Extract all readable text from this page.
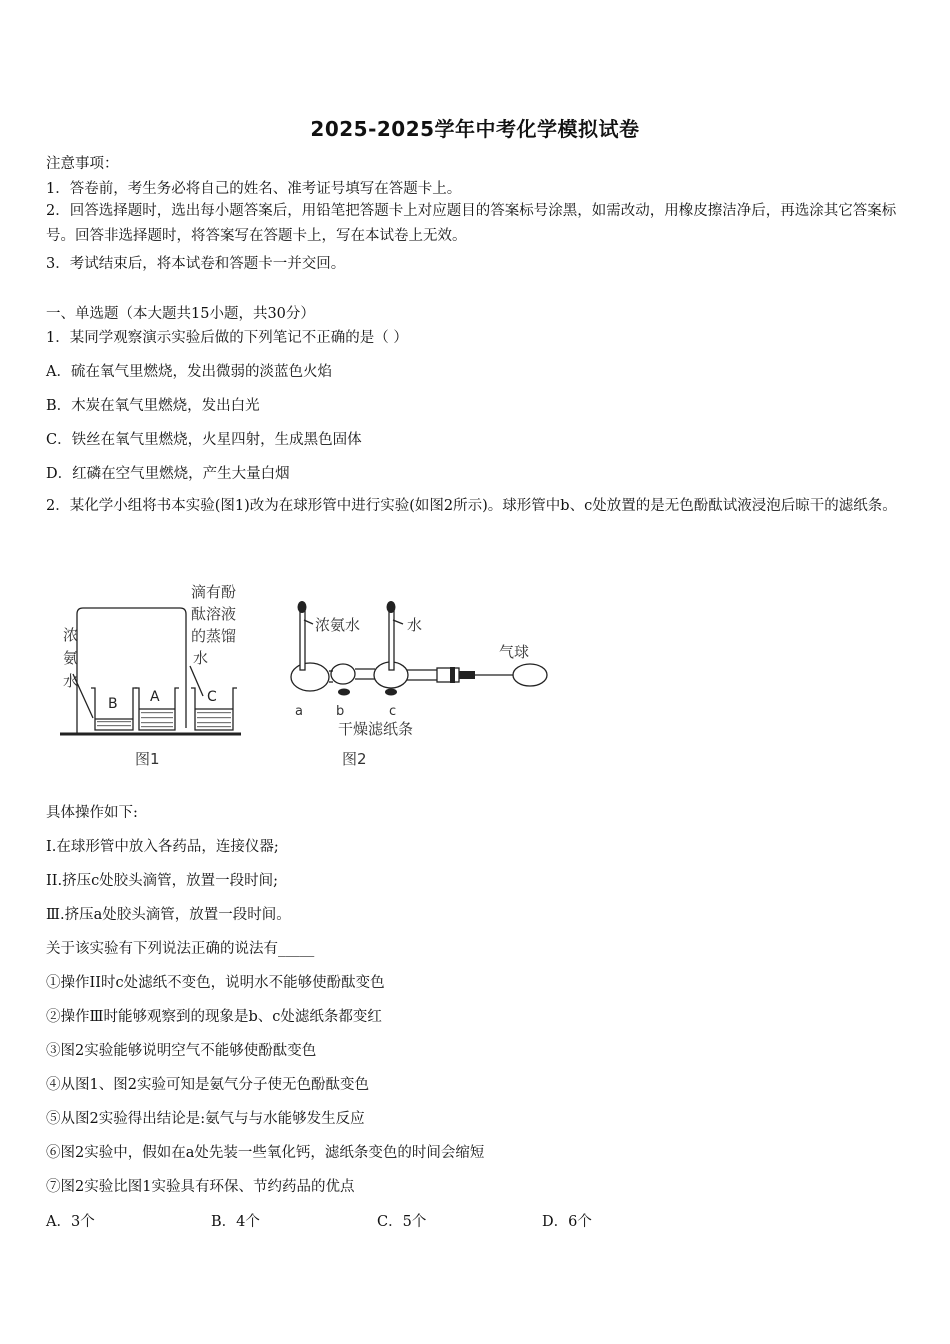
2025-2025学年中考化学模拟试卷
注意事项：
1．答卷前，考生务必将自己的姓名、准考证号填写在答题卡上。
2．回答选择题时，选出每小题答案后，用铅笔把答题卡上对应题目的答案标号涂黑，如需改动，用橡皮擦洁净后，再选涂其它答案标号。回答非选择题时，将答案写在答题卡上，写在本试卷上无效。
3．考试结束后，将本试卷和答题卡一并交回。
一、单选题（本大题共15小题，共30分）
1．某同学观察演示实验后做的下列笔记不正确的是（ ）
A．硫在氧气里燃烧，发出微弱的淡蓝色火焰
B．木炭在氧气里燃烧，发出白光
C．铁丝在氧气里燃烧，火星四射，生成黑色固体
D．红磷在空气里燃烧，产生大量白烟
2．某化学小组将书本实验(图1)改为在球形管中进行实验(如图2所示)。球形管中b、c处放置的是无色酚酞试液浸泡后晾干的滤纸条。
B A	C
浓
氨
水
滴有酚
酞溶液
的蒸馏
水
图1
a	b	c
浓氨水	水
气球
干燥滤纸条
图2
具体操作如下:
I.在球形管中放入各药品，连接仪器;
II.挤压c处胶头滴管，放置一段时间;
Ⅲ.挤压a处胶头滴管，放置一段时间。
关于该实验有下列说法正确的说法有_____
①操作II时c处滤纸不变色，说明水不能够使酚酞变色
②操作Ⅲ时能够观察到的现象是b、c处滤纸条都变红
③图2实验能够说明空气不能够使酚酞变色
④从图1、图2实验可知是氨气分子使无色酚酞变色
⑤从图2实验得出结论是:氨气与与水能够发生反应
⑥图2实验中，假如在a处先装一些氧化钙，滤纸条变色的时间会缩短
⑦图2实验比图1实验具有环保、节约药品的优点
A．3个	B．4个	C．5个	D．6个
